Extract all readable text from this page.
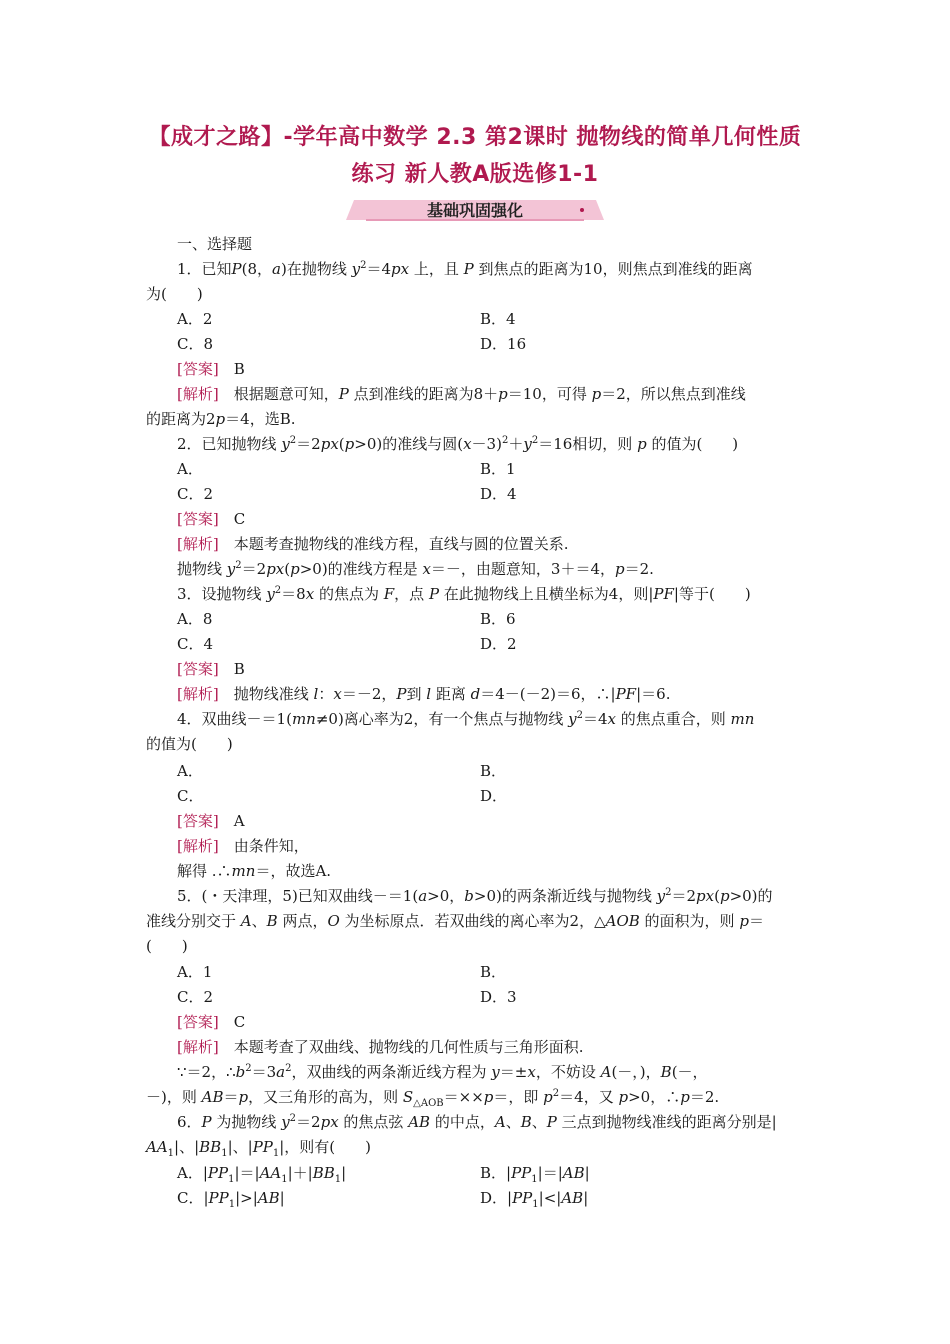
【成才之路】-学年高中数学 2.3 第2课时 抛物线的简单几何性质
练习 新人教A版选修1-1
基础巩固强化
一、选择题
1．已知P(8，a)在抛物线 $y^2=4px$ 上，且 P 到焦点的距离为10，则焦点到准线的距离
为(　　)
A．2	B．4
C．8	D．16
[答案]　 B
[解析]　 根据题意可知，P 点到准线的距离为8＋p＝10，可得 p＝2，所以焦点到准线
的距离为2p＝4，选B.
2．已知抛物线 $y^2=2px(p>0)$的准线与圆$(x-3)^2+y^2=16$相切，则 p 的值为(　　)
A．	B．1
C．2	D．4
[答案]　 C
[解析]　 本题考查抛物线的准线方程，直线与圆的位置关系.
抛物线 $y^2=2px(p>0)$的准线方程是 x＝－，由题意知，3＋＝4，p＝2.
3．设抛物线 $y^2=8x$ 的焦点为 F，点 P 在此抛物线上且横坐标为4，则|PF|等于(　　)
A．8	B．6
C．4	D．2
[答案]　 B
[解析]　 抛物线准线 l：x＝－2，P到 l 距离 d＝4－(－2)＝6，∴|PF|＝6.
4．双曲线－＝1(mn≠0)离心率为2，有一个焦点与抛物线 $y^2=4x$ 的焦点重合，则 mn
的值为(　　)
A．	B．
C．	D．
[答案]　 A
[解析]　 由条件知，
解得 .∴mn＝，故选A.
5．(・天津理，5)已知双曲线－＝1(a>0，b>0)的两条渐近线与抛物线 $y^2=2px(p>0)$的
准线分别交于 A、B 两点，O 为坐标原点．若双曲线的离心率为2，△AOB 的面积为，则 p＝
(　　)
A．1	B．
C．2	D．3
[答案]　 C
[解析]　 本题考查了双曲线、抛物线的几何性质与三角形面积.
∵＝2，$\therefore b^2=3a^2$，双曲线的两条渐近线方程为 y＝±x，不妨设 A(－，)，B(－，
－)，则 AB＝p，又三角形的高为，则 $S_{\triangle AOB}=\times\times p=$，即 $p^2=4$，又 p>0，∴p＝2.
6．P 为抛物线 $y^2=2px$ 的焦点弦 AB 的中点，A、B、P 三点到抛物线准线的距离分别是|
$AA_1|$、$|BB_1|$、$|PP_1|$，则有(　　)
A．$|PP_1|=|AA_1|+|BB_1|$	B．$|PP_1|=|AB|$
C．$|PP_1|>|AB|$	D．$|PP_1|<|AB|$
